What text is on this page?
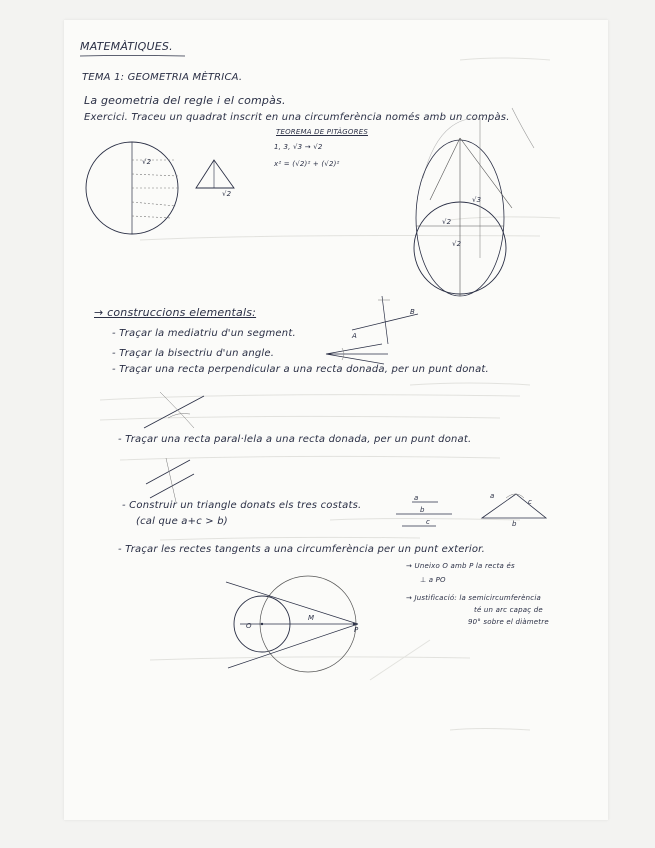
MATEMÀTIQUES.
TEMA 1: GEOMETRIA MÈTRICA.
La geometria del regle i el compàs.
Exercici. Traceu un quadrat inscrit en una circumferència només amb un compàs.
TEOREMA DE PITÀGORES
1, 3, √3 → √2
x² = (√2)² + (√2)²
√2
√2
√3
√2
√2
→ construccions elementals:
- Traçar la mediatriu d'un segment.
- Traçar la bisectriu d'un angle.
- Traçar una recta perpendicular a una recta donada, per un punt donat.
A
B
- Traçar una recta paral·lela a una recta donada, per un punt donat.
- Construir un triangle donats els tres costats.
(cal que a+c > b)
a
b
c
a
b
c
- Traçar les rectes tangents a una circumferència per un punt exterior.
O	P
M
→ Uneixo O amb P la recta és
⊥ a PO
→ Justificació: la semicircumferència
té un arc capaç de
90° sobre el diàmetre
